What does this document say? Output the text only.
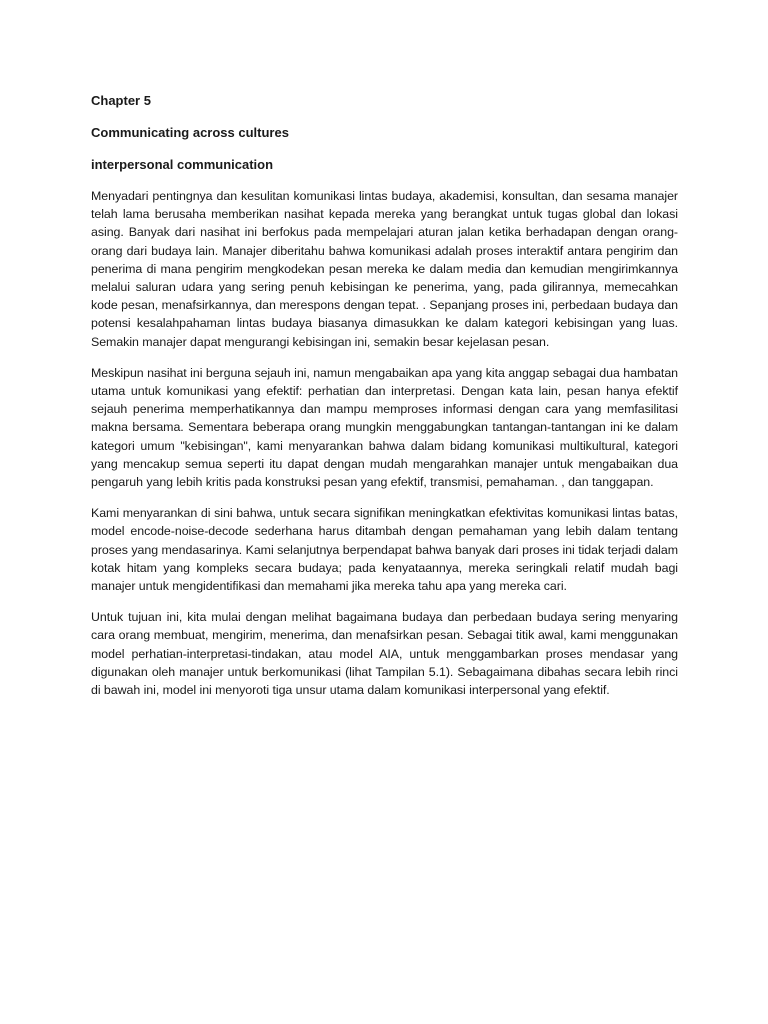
Chapter 5
Communicating across cultures
interpersonal communication

Menyadari pentingnya dan kesulitan komunikasi lintas budaya, akademisi, konsultan, dan sesama manajer telah lama berusaha memberikan nasihat kepada mereka yang berangkat untuk tugas global dan lokasi asing. Banyak dari nasihat ini berfokus pada mempelajari aturan jalan ketika berhadapan dengan orang-orang dari budaya lain. Manajer diberitahu bahwa komunikasi adalah proses interaktif antara pengirim dan penerima di mana pengirim mengkodekan pesan mereka ke dalam media dan kemudian mengirimkannya melalui saluran udara yang sering penuh kebisingan ke penerima, yang, pada gilirannya, memecahkan kode pesan, menafsirkannya, dan merespons dengan tepat. . Sepanjang proses ini, perbedaan budaya dan potensi kesalahpahaman lintas budaya biasanya dimasukkan ke dalam kategori kebisingan yang luas. Semakin manajer dapat mengurangi kebisingan ini, semakin besar kejelasan pesan.

Meskipun nasihat ini berguna sejauh ini, namun mengabaikan apa yang kita anggap sebagai dua hambatan utama untuk komunikasi yang efektif: perhatian dan interpretasi. Dengan kata lain, pesan hanya efektif sejauh penerima memperhatikannya dan mampu memproses informasi dengan cara yang memfasilitasi makna bersama. Sementara beberapa orang mungkin menggabungkan tantangan-tantangan ini ke dalam kategori umum "kebisingan", kami menyarankan bahwa dalam bidang komunikasi multikultural, kategori yang mencakup semua seperti itu dapat dengan mudah mengarahkan manajer untuk mengabaikan dua pengaruh yang lebih kritis pada konstruksi pesan yang efektif, transmisi, pemahaman. , dan tanggapan.

Kami menyarankan di sini bahwa, untuk secara signifikan meningkatkan efektivitas komunikasi lintas batas, model encode-noise-decode sederhana harus ditambah dengan pemahaman yang lebih dalam tentang proses yang mendasarinya. Kami selanjutnya berpendapat bahwa banyak dari proses ini tidak terjadi dalam kotak hitam yang kompleks secara budaya; pada kenyataannya, mereka seringkali relatif mudah bagi manajer untuk mengidentifikasi dan memahami jika mereka tahu apa yang mereka cari.

Untuk tujuan ini, kita mulai dengan melihat bagaimana budaya dan perbedaan budaya sering menyaring cara orang membuat, mengirim, menerima, dan menafsirkan pesan. Sebagai titik awal, kami menggunakan model perhatian-interpretasi-tindakan, atau model AIA, untuk menggambarkan proses mendasar yang digunakan oleh manajer untuk berkomunikasi (lihat Tampilan 5.1). Sebagaimana dibahas secara lebih rinci di bawah ini, model ini menyoroti tiga unsur utama dalam komunikasi interpersonal yang efektif.
